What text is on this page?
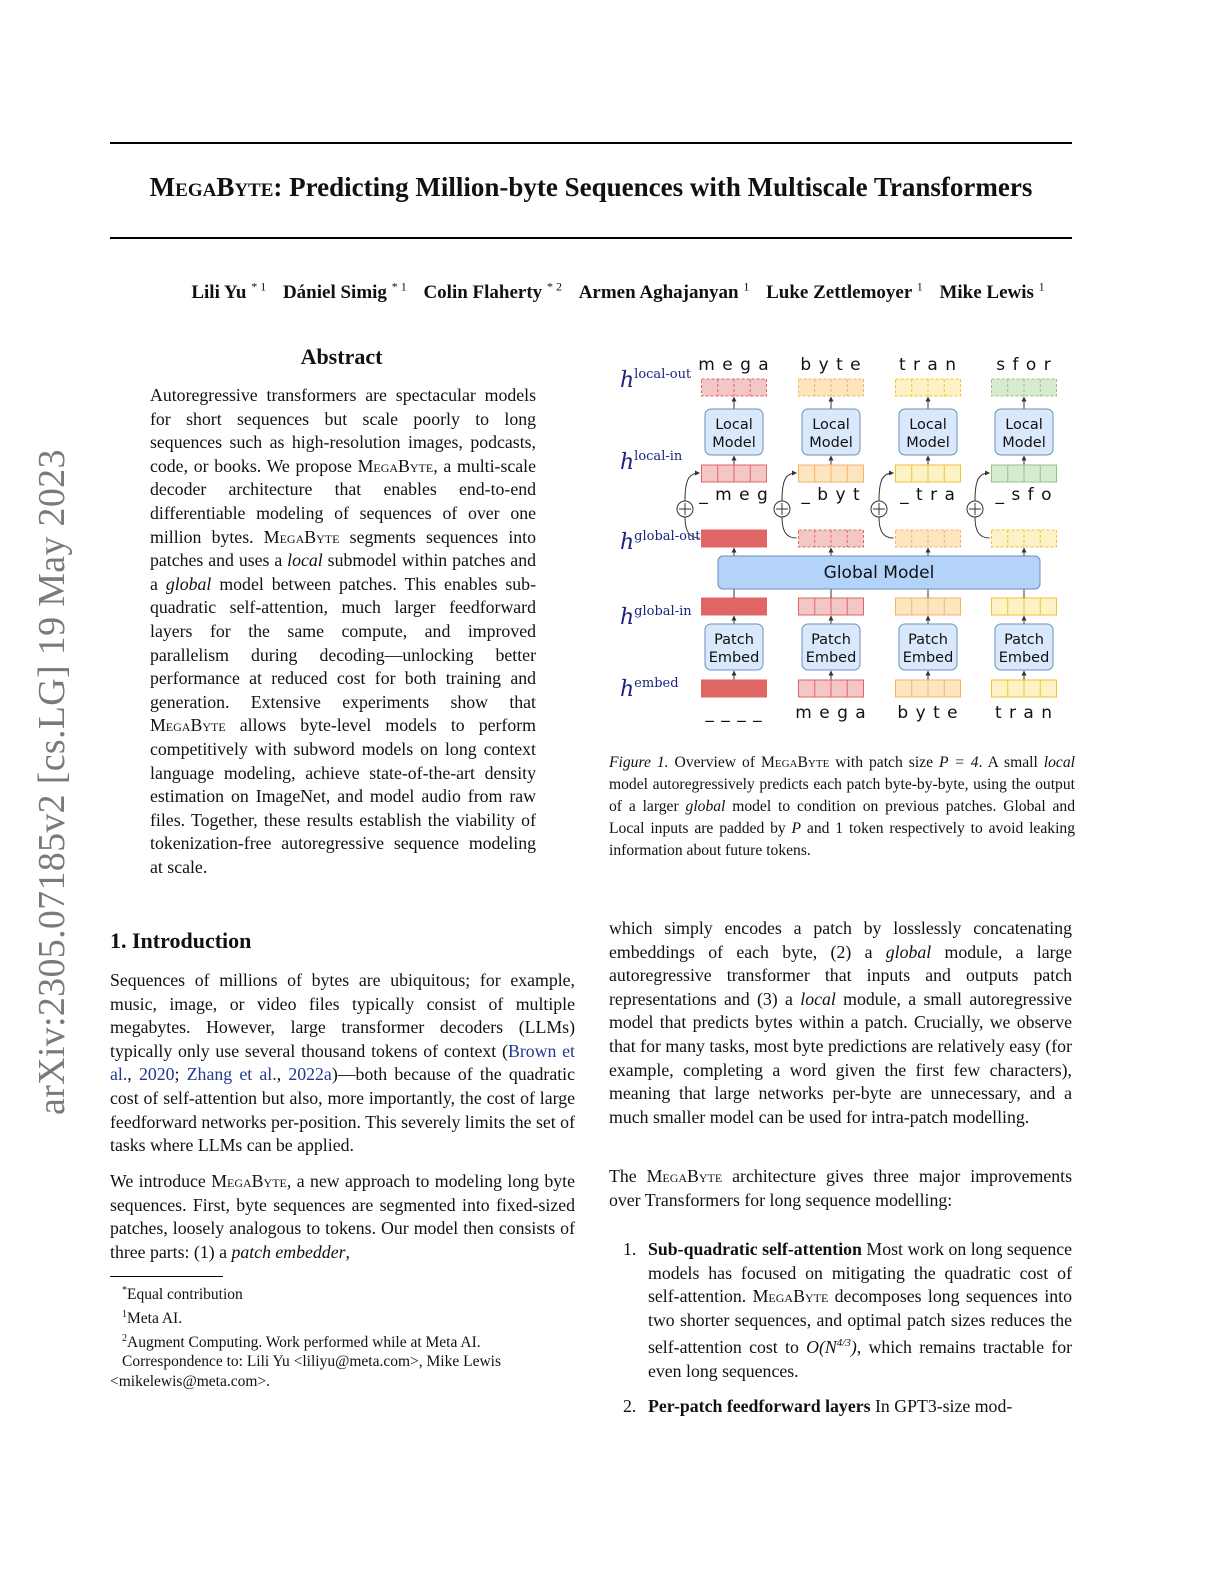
MegaByte: Predicting Million-byte Sequences with Multiscale Transformers
Lili Yu $^{* 1}$ Dániel Simig $^{* 1}$ Colin Flaherty $^{* 2}$ Armen Aghajanyan $^1$ Luke Zettlemoyer $^1$ Mike Lewis $^1$
arXiv:2305.07185v2 [cs.LG] 19 May 2023
Abstract

Autoregressive transformers are spectacular models for short sequences but scale poorly to long sequences such as high-resolution images, podcasts, code, or books. We propose MegaByte, a multi-scale decoder architecture that enables end-to-end differentiable modeling of sequences of over one million bytes. MegaByte segments sequences into patches and uses a local submodel within patches and a global model between patches. This enables sub-quadratic self-attention, much larger feedforward layers for the same compute, and improved parallelism during decoding—unlocking better performance at reduced cost for both training and generation. Extensive experiments show that MegaByte allows byte-level models to perform competitively with subword models on long context language modeling, achieve state-of-the-art density estimation on ImageNet, and model audio from raw files. Together, these results establish the viability of tokenization-free autoregressive sequence modeling at scale.

$h^{local-out}$
$h^{local-in}$
$h^{global-out}$
$h^{global-in}$
$h^{embed}$
m e g a
Local
Model
_ m e g
Patch
Embed
_ _ _ _
b y t e
Local
Model
_ b y t
Patch
Embed
m e g a
t r a n
Local
Model
_ t r a
Patch
Embed
b y t e
s f o r
Local
Model
_ s f o
Patch
Embed
t r a n
Global Model

Figure 1. Overview of MegaByte with patch size P = 4. A small local model autoregressively predicts each patch byte-by-byte, using the output of a larger global model to condition on previous patches. Global and Local inputs are padded by P and 1 token respectively to avoid leaking information about future tokens.

1. Introduction

Sequences of millions of bytes are ubiquitous; for example, music, image, or video files typically consist of multiple megabytes. However, large transformer decoders (LLMs) typically only use several thousand tokens of context (Brown et al., 2020; Zhang et al., 2022a)—both because of the quadratic cost of self-attention but also, more importantly, the cost of large feedforward networks per-position. This severely limits the set of tasks where LLMs can be applied.

We introduce MegaByte, a new approach to modeling long byte sequences. First, byte sequences are segmented into fixed-sized patches, loosely analogous to tokens. Our model then consists of three parts: (1) a patch embedder,

*Equal contribution
$^1$Meta AI.
$^2$Augment Computing. Work performed while at Meta AI.
Correspondence to: Lili Yu <liliyu@meta.com>, Mike Lewis <mikelewis@meta.com>.

which simply encodes a patch by losslessly concatenating embeddings of each byte, (2) a global module, a large autoregressive transformer that inputs and outputs patch representations and (3) a local module, a small autoregressive model that predicts bytes within a patch. Crucially, we observe that for many tasks, most byte predictions are relatively easy (for example, completing a word given the first few characters), meaning that large networks per-byte are unnecessary, and a much smaller model can be used for intra-patch modelling.

The MegaByte architecture gives three major improvements over Transformers for long sequence modelling:

1. Sub-quadratic self-attention Most work on long sequence models has focused on mitigating the quadratic cost of self-attention. MegaByte decomposes long sequences into two shorter sequences, and optimal patch sizes reduces the self-attention cost to $O(N^{4/3})$, which remains tractable for even long sequences.
2. Per-patch feedforward layers In GPT3-size mod-
